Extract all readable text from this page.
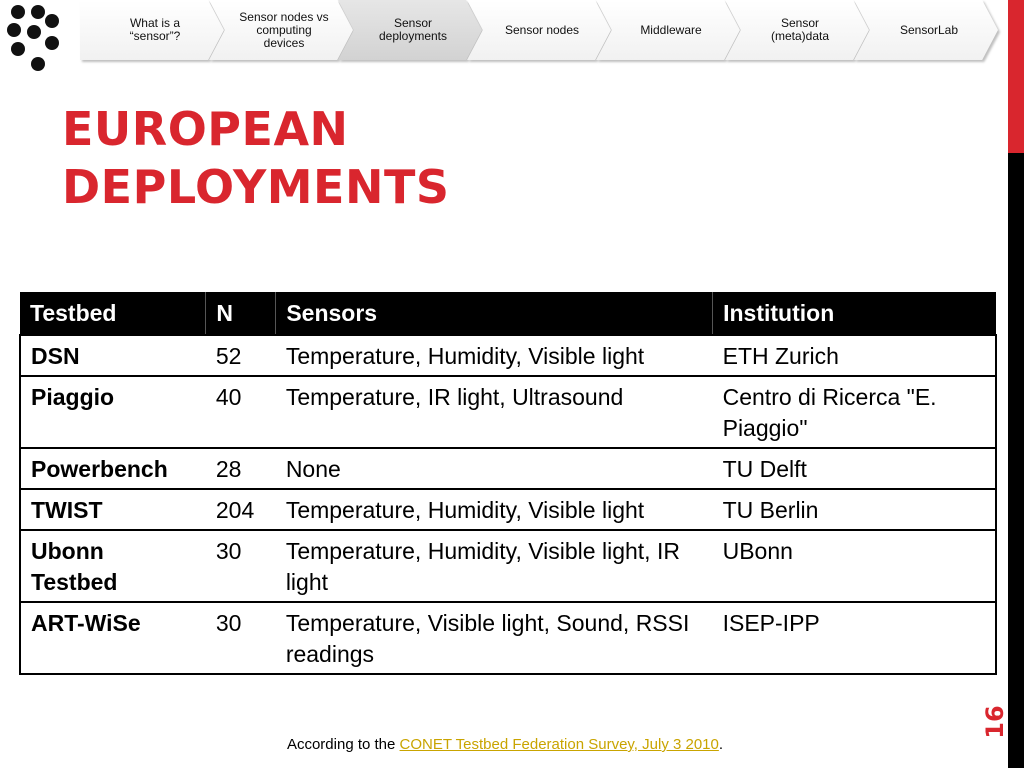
What is a “sensor”?
Sensor nodes vs computing devices
Sensor deployments	Sensor nodes	Middleware	Sensor (meta)data	SensorLab
EUROPEAN
DEPLOYMENTS
Testbed	N	Sensors	Institution
DSN	52	Temperature, Humidity, Visible light	ETH Zurich
Piaggio	40	Temperature, IR light, Ultrasound	Centro di Ricerca "E. Piaggio"
Powerbench	28	None	TU Delft
TWIST	204	Temperature, Humidity, Visible light	TU Berlin
Ubonn Testbed	30	Temperature, Humidity, Visible light, IR light	UBonn
ART-WiSe	30	Temperature, Visible light, Sound, RSSI readings	ISEP-IPP
16
According to the CONET Testbed Federation Survey, July 3 2010.
